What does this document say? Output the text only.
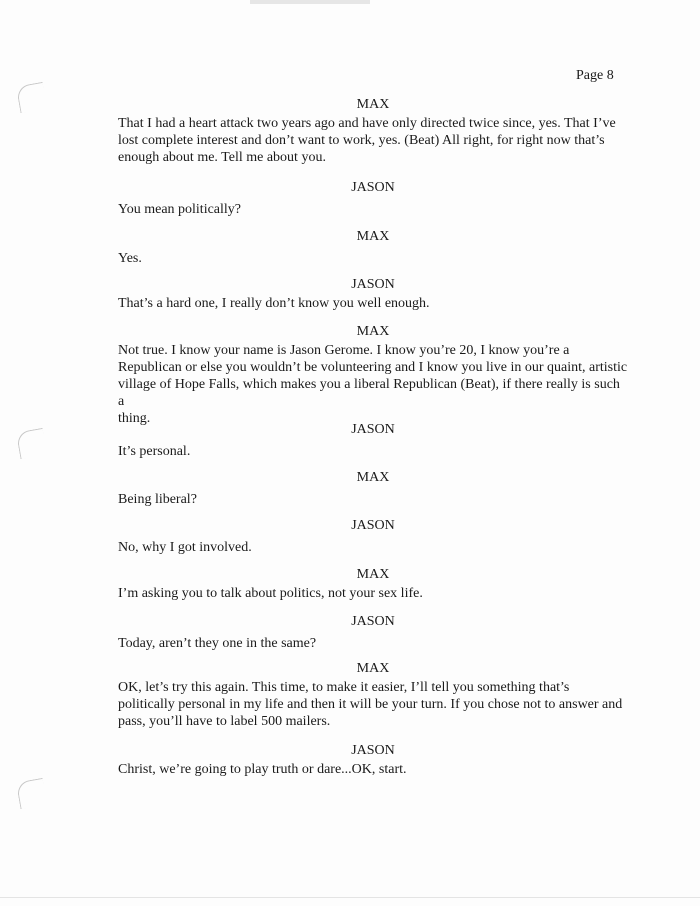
Page 8
MAX
That I had a heart attack two years ago and have only directed twice since, yes. That I’ve
lost complete interest and don’t want to work, yes. (Beat) All right, for right now that’s
enough about me. Tell me about you.
JASON
You mean politically?
MAX
Yes.
JASON
That’s a hard one, I really don’t know you well enough.
MAX
Not true. I know your name is Jason Gerome. I know you’re 20, I know you’re a
Republican or else you wouldn’t be volunteering and I know you live in our quaint, artistic
village of Hope Falls, which makes you a liberal Republican (Beat), if there really is such a
thing.
JASON
It’s personal.
MAX
Being liberal?
JASON
No, why I got involved.
MAX
I’m asking you to talk about politics, not your sex life.
JASON
Today, aren’t they one in the same?
MAX
OK, let’s try this again. This time, to make it easier, I’ll tell you something that’s
politically personal in my life and then it will be your turn. If you chose not to answer and
pass, you’ll have to label 500 mailers.
JASON
Christ, we’re going to play truth or dare...OK, start.
